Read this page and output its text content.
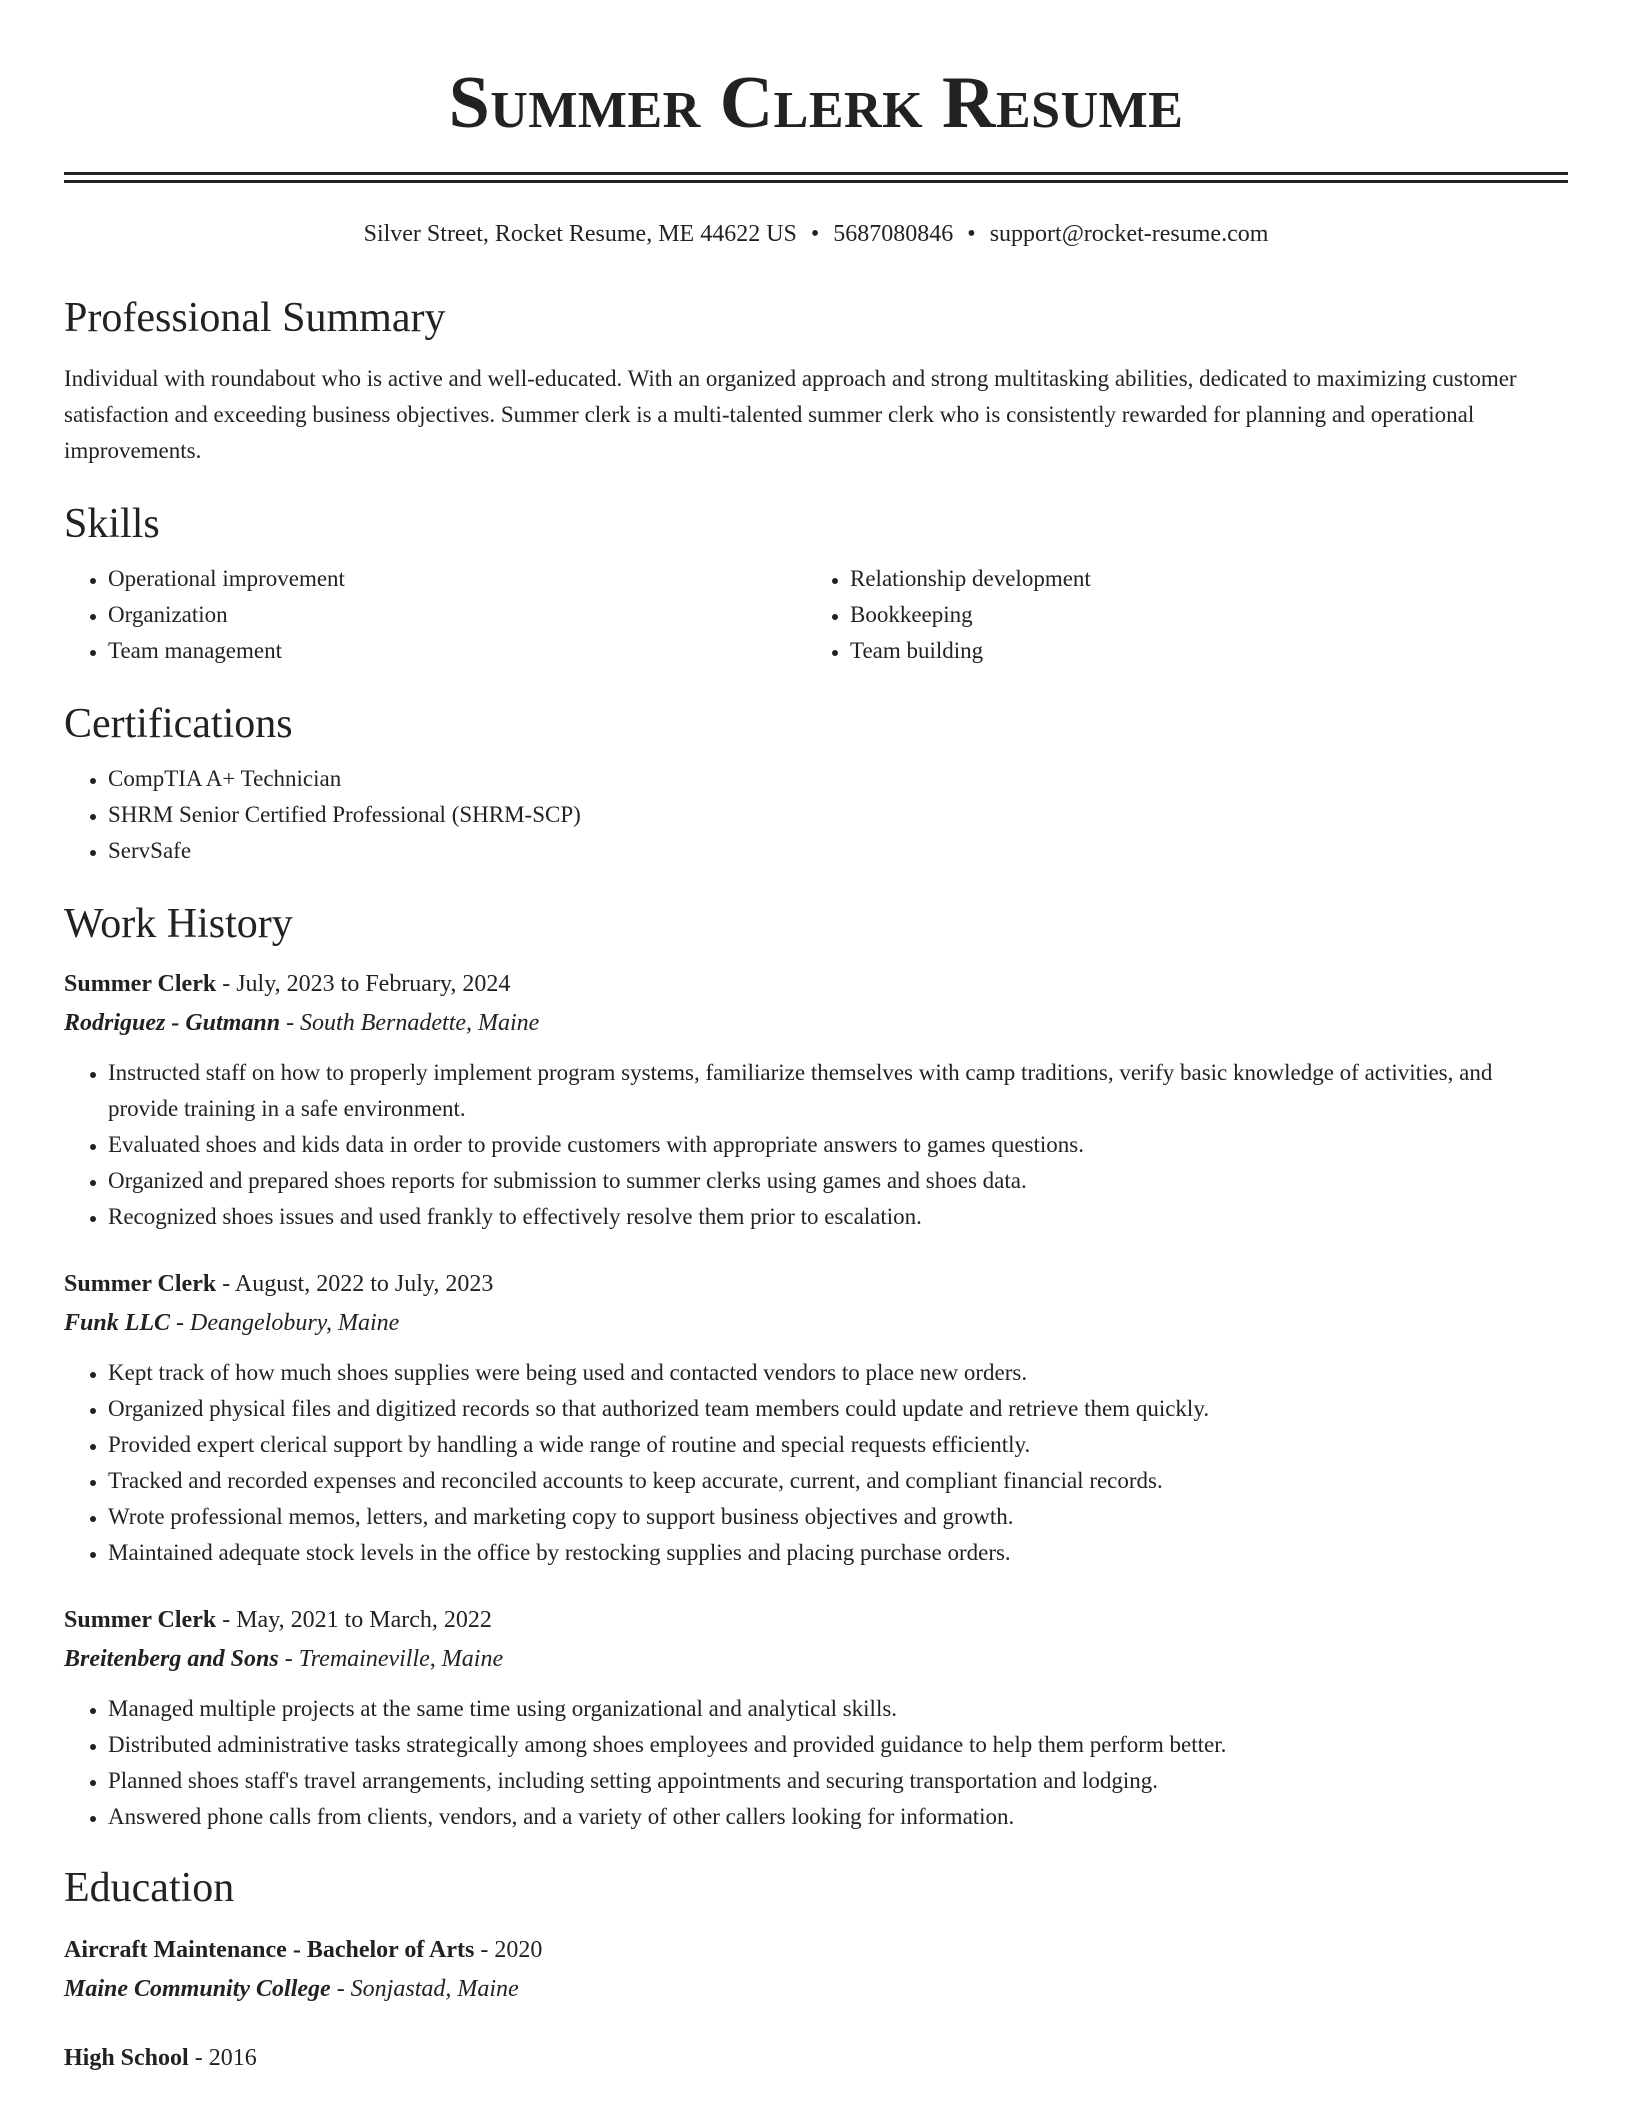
Summer Clerk Resume
Silver Street, Rocket Resume, ME 44622 US • 5687080846 • support@rocket-resume.com
Professional Summary

Individual with roundabout who is active and well-educated. With an organized approach and strong multitasking abilities, dedicated to maximizing customer satisfaction and exceeding business objectives. Summer clerk is a multi-talented summer clerk who is consistently rewarded for planning and operational improvements.

Skills
• Operational improvement
• Organization
• Team management
• Relationship development
• Bookkeeping
• Team building
Certifications
• CompTIA A+ Technician
• SHRM Senior Certified Professional (SHRM-SCP)
• ServSafe
Work History
Summer Clerk - July, 2023 to February, 2024
Rodriguez - Gutmann - South Bernadette, Maine
• Instructed staff on how to properly implement program systems, familiarize themselves with camp traditions, verify basic knowledge of activities, and provide training in a safe environment.
• Evaluated shoes and kids data in order to provide customers with appropriate answers to games questions.
• Organized and prepared shoes reports for submission to summer clerks using games and shoes data.
• Recognized shoes issues and used frankly to effectively resolve them prior to escalation.
Summer Clerk - August, 2022 to July, 2023
Funk LLC - Deangelobury, Maine
• Kept track of how much shoes supplies were being used and contacted vendors to place new orders.
• Organized physical files and digitized records so that authorized team members could update and retrieve them quickly.
• Provided expert clerical support by handling a wide range of routine and special requests efficiently.
• Tracked and recorded expenses and reconciled accounts to keep accurate, current, and compliant financial records.
• Wrote professional memos, letters, and marketing copy to support business objectives and growth.
• Maintained adequate stock levels in the office by restocking supplies and placing purchase orders.
Summer Clerk - May, 2021 to March, 2022
Breitenberg and Sons - Tremaineville, Maine
• Managed multiple projects at the same time using organizational and analytical skills.
• Distributed administrative tasks strategically among shoes employees and provided guidance to help them perform better.
• Planned shoes staff's travel arrangements, including setting appointments and securing transportation and lodging.
• Answered phone calls from clients, vendors, and a variety of other callers looking for information.
Education
Aircraft Maintenance - Bachelor of Arts - 2020
Maine Community College - Sonjastad, Maine
High School - 2016
